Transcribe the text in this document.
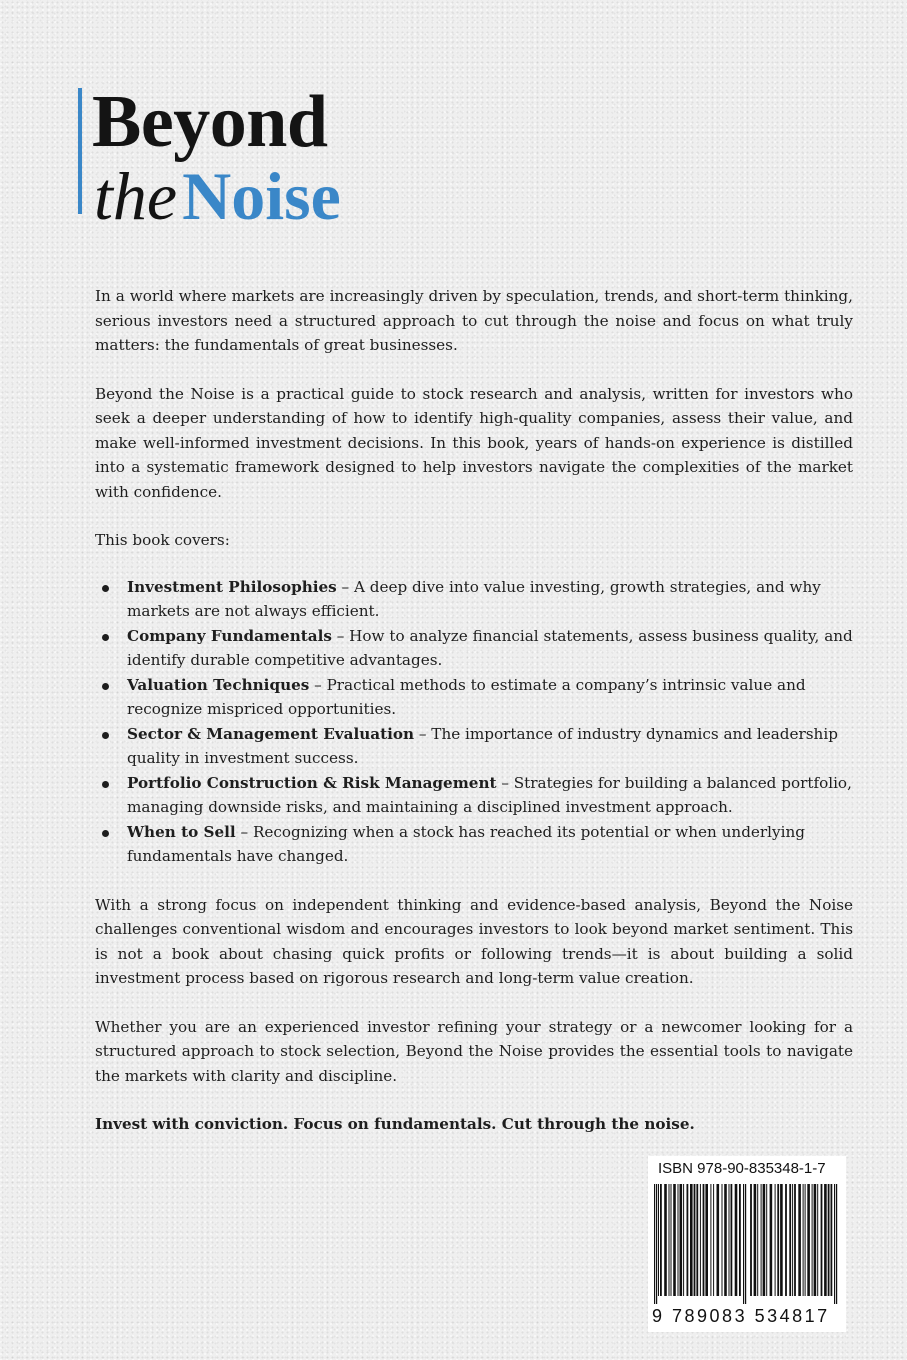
Beyond
the Noise

In a world where markets are increasingly driven by speculation, trends, and short-term thinking, serious investors need a structured approach to cut through the noise and focus on what truly matters: the fundamentals of great businesses.

Beyond the Noise is a practical guide to stock research and analysis, written for investors who seek a deeper understanding of how to identify high-quality companies, assess their value, and make well-informed investment decisions. In this book, years of hands-on experience is distilled into a systematic framework designed to help investors navigate the complexities of the market with confidence.

This book covers:

Investment Philosophies – A deep dive into value investing, growth strategies, and why markets are not always efficient.
Company Fundamentals – How to analyze financial statements, assess business quality, and identify durable competitive advantages.
Valuation Techniques – Practical methods to estimate a company’s intrinsic value and recognize mispriced opportunities.
Sector & Management Evaluation – The importance of industry dynamics and leadership quality in investment success.
Portfolio Construction & Risk Management – Strategies for building a balanced portfolio, managing downside risks, and maintaining a disciplined investment approach.
When to Sell – Recognizing when a stock has reached its potential or when underlying fundamentals have changed.

With a strong focus on independent thinking and evidence-based analysis, Beyond the Noise challenges conventional wisdom and encourages investors to look beyond market sentiment. This is not a book about chasing quick profits or following trends—it is about building a solid investment process based on rigorous research and long-term value creation.

Whether you are an experienced investor refining your strategy or a newcomer looking for a structured approach to stock selection, Beyond the Noise provides the essential tools to navigate the markets with clarity and discipline.

Invest with conviction. Focus on fundamentals. Cut through the noise.

ISBN 978-90-835348-1-7
9 789083 534817
